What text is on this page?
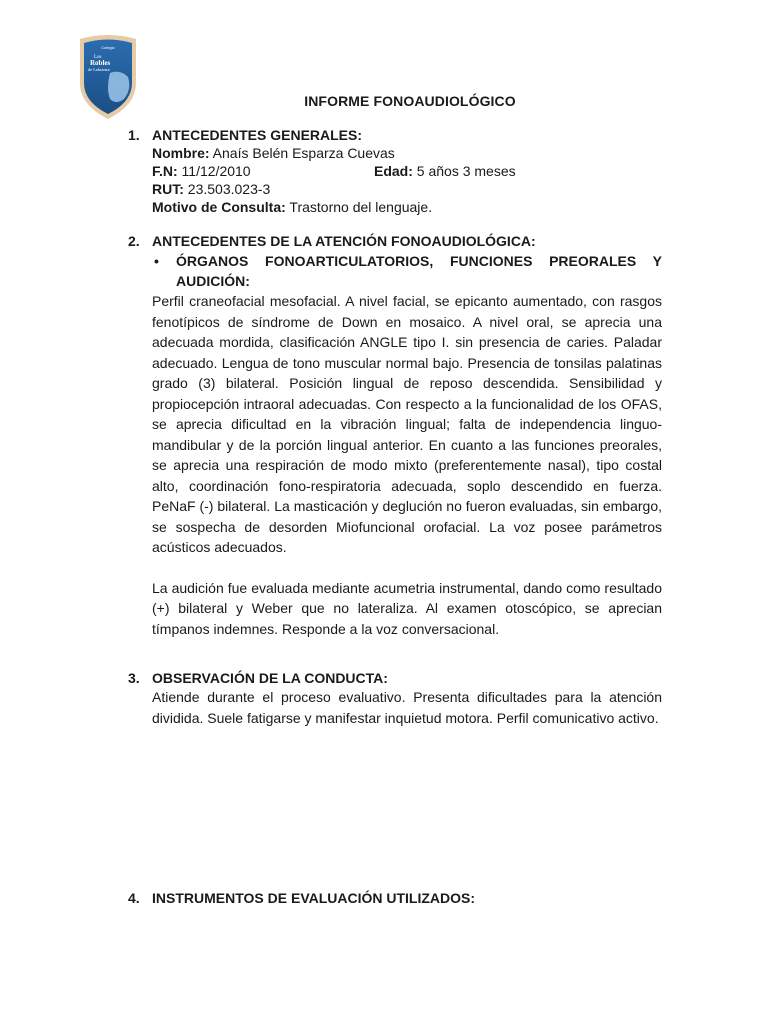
Colegio
Los
Robles
de Labranza
INFORME FONOAUDIOLÓGICO
1. ANTECEDENTES GENERALES:
Nombre: Anaís Belén Esparza Cuevas
F.N: 11/12/2010	Edad: 5 años 3 meses
RUT: 23.503.023-3
Motivo de Consulta: Trastorno del lenguaje.
2. ANTECEDENTES DE LA ATENCIÓN FONOAUDIOLÓGICA:
•	ÓRGANOS FONOARTICULATORIOS, FUNCIONES PREORALES Y AUDICIÓN:

Perfil craneofacial mesofacial. A nivel facial, se epicanto aumentado, con rasgos fenotípicos de síndrome de Down en mosaico. A nivel oral, se aprecia una adecuada mordida, clasificación ANGLE tipo I. sin presencia de caries. Paladar adecuado. Lengua de tono muscular normal bajo. Presencia de tonsilas palatinas grado (3) bilateral. Posición lingual de reposo descendida. Sensibilidad y propiocepción intraoral adecuadas. Con respecto a la funcionalidad de los OFAS, se aprecia dificultad en la vibración lingual; falta de independencia linguo-mandibular y de la porción lingual anterior. En cuanto a las funciones preorales, se aprecia una respiración de modo mixto (preferentemente nasal), tipo costal alto, coordinación fono-respiratoria adecuada, soplo descendido en fuerza. PeNaF (-) bilateral. La masticación y deglución no fueron evaluadas, sin embargo, se sospecha de desorden Miofuncional orofacial. La voz posee parámetros acústicos adecuados.

La audición fue evaluada mediante acumetria instrumental, dando como resultado (+) bilateral y Weber que no lateraliza. Al examen otoscópico, se aprecian tímpanos indemnes. Responde a la voz conversacional.

3. OBSERVACIÓN DE LA CONDUCTA:

Atiende durante el proceso evaluativo. Presenta dificultades para la atención dividida. Suele fatigarse y manifestar inquietud motora. Perfil comunicativo activo.

4. INSTRUMENTOS DE EVALUACIÓN UTILIZADOS:
